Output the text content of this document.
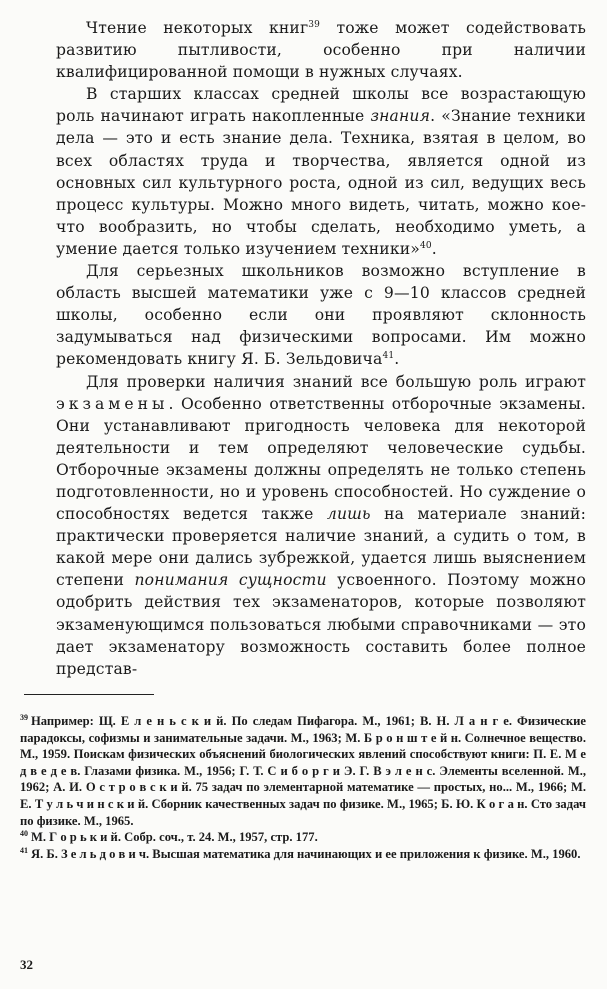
Чтение некоторых книг$^{39}$ тоже может содействовать развитию пытливости, особенно при наличии квалифицированной помощи в нужных случаях.

В старших классах средней школы все возрастающую роль начинают играть накопленные знания. «Знание техники дела — это и есть знание дела. Техника, взятая в целом, во всех областях труда и творчества, является одной из основных сил культурного роста, одной из сил, ведущих весь процесс культуры. Можно много видеть, читать, можно кое-что вообразить, но чтобы сделать, необходимо уметь, а умение дается только изучением техники»$^{40}$.

Для серьезных школьников возможно вступление в область высшей математики уже с 9—10 классов средней школы, особенно если они проявляют склонность задумываться над физическими вопросами. Им можно рекомендовать книгу Я. Б. Зельдовича$^{41}$.

Для проверки наличия знаний все большую роль играют экзамены. Особенно ответственны отборочные экзамены. Они устанавливают пригодность человека для некоторой деятельности и тем определяют человеческие судьбы. Отборочные экзамены должны определять не только степень подготовленности, но и уровень способностей. Но суждение о способностях ведется также лишь на материале знаний: практически проверяется наличие знаний, а судить о том, в какой мере они дались зубрежкой, удается лишь выяснением степени понимания сущности усвоенного. Поэтому можно одобрить действия тех экзаменаторов, которые позволяют экзаменующимся пользоваться любыми справочниками — это дает экзаменатору возможность составить более полное представ-

$^{39}$ Например: Щ. Е л е н ь с к и й. По следам Пифагора. М., 1961; В. Н. Л а н г е. Физические парадоксы, софизмы и занимательные задачи. М., 1963; М. Б р о н ш т е й н. Солнечное вещество. М., 1959. Поискам физических объяснений биологических явлений способствуют книги: П. Е. М е д в е д е в. Глазами физика. М., 1956; Г. Т. С и б о р г и Э. Г. В э л е н с. Элементы вселенной. М., 1962; А. И. О с т р о в с к и й. 75 задач по элементарной математике — простых, но... М., 1966; М. Е. Т у л ь ч и н с к и й. Сборник качественных задач по физике. М., 1965; Б. Ю. К о г а н. Сто задач по физике. М., 1965.

$^{40}$ М. Г о р ь к и й. Собр. соч., т. 24. М., 1957, стр. 177.

$^{41}$ Я. Б. З е л ь д о в и ч. Высшая математика для начинающих и ее приложения к физике. М., 1960.

32
